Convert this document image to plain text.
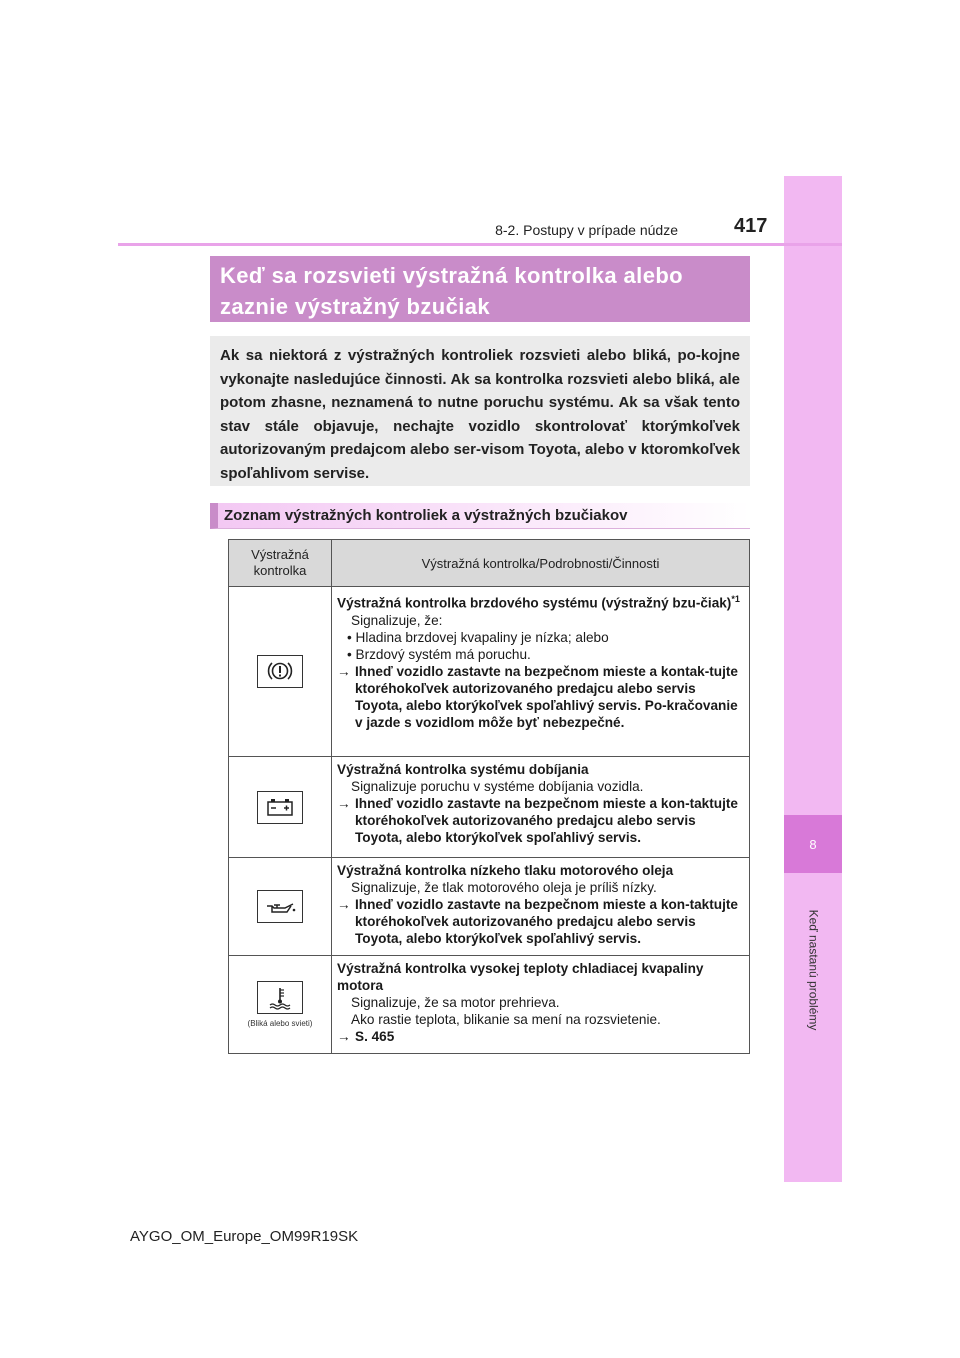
8
Keď nastanú problémy
8-2. Postupy v prípade núdze	417
Keď sa rozsvieti výstražná kontrolka alebo zaznie výstražný bzučiak
Ak sa niektorá z výstražných kontroliek rozsvieti alebo bliká, po-kojne vykonajte nasledujúce činnosti. Ak sa kontrolka rozsvieti alebo bliká, ale potom zhasne, neznamená to nutne poruchu systému. Ak sa však tento stav stále objavuje, nechajte vozidlo skontrolovať ktorýmkoľvek autorizovaným predajcom alebo ser-visom Toyota, alebo v ktoromkoľvek spoľahlivom servise.
Zoznam výstražných kontroliek a výstražných bzučiakov
Výstražná kontrolka	Výstražná kontrolka/Podrobnosti/Činnosti

Výstražná kontrolka brzdového systému (výstražný bzu-čiak)$^{*1}$
Signalizuje, že:
• Hladina brzdovej kvapaliny je nízka; alebo
• Brzdový systém má poruchu.
→ Ihneď vozidlo zastavte na bezpečnom mieste a kontak-tujte ktoréhokoľvek autorizovaného predajcu alebo servis Toyota, alebo ktorýkoľvek spoľahlivý servis. Po-kračovanie v jazde s vozidlom môže byť nebezpečné.

Výstražná kontrolka systému dobíjania
Signalizuje poruchu v systéme dobíjania vozidla.
→ Ihneď vozidlo zastavte na bezpečnom mieste a kon-taktujte ktoréhokoľvek autorizovaného predajcu alebo servis Toyota, alebo ktorýkoľvek spoľahlivý servis.

Výstražná kontrolka nízkeho tlaku motorového oleja
Signalizuje, že tlak motorového oleja je príliš nízky.
→ Ihneď vozidlo zastavte na bezpečnom mieste a kon-taktujte ktoréhokoľvek autorizovaného predajcu alebo servis Toyota, alebo ktorýkoľvek spoľahlivý servis.

(Bliká alebo svieti)	Výstražná kontrolka vysokej teploty chladiacej kvapaliny motora
Signalizuje, že sa motor prehrieva.
Ako rastie teplota, blikanie sa mení na rozsvietenie.
→ S. 465
AYGO_OM_Europe_OM99R19SK
